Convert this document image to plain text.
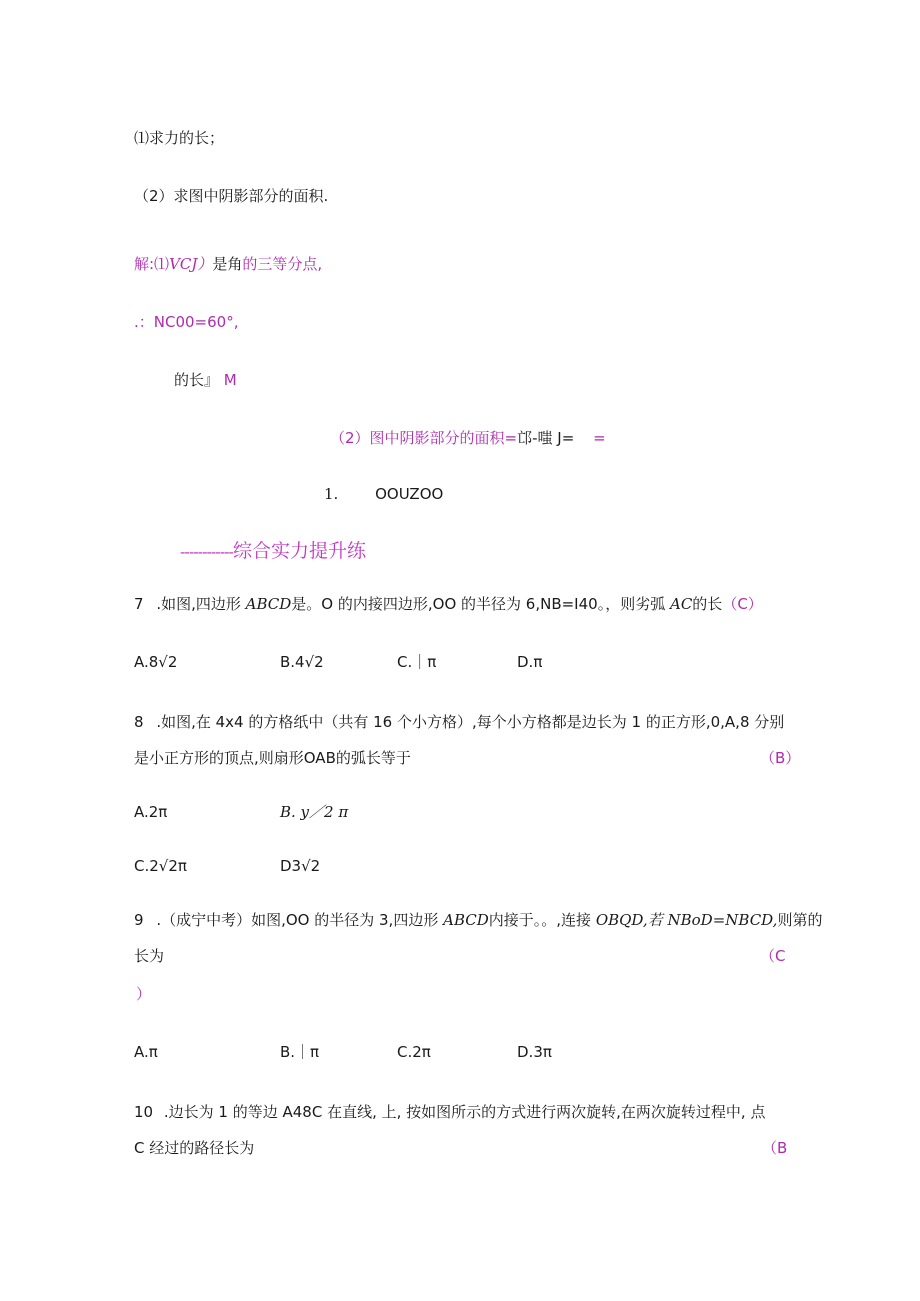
⑴求力的长；
（2）求图中阴影部分的面积.
解:⑴VCJ）是角的三等分点,
.：NC00=60°,
的长』 M
（2）图中阴影部分的面积=邙-嗤 J= =
1. OOUZOO
------------综合实力提升练
7 .如图,四边形 ABCD是。O 的内接四边形,OO 的半径为 6,NB=I40。，则劣弧 AC的长（C）
A.8√2	B.4√2	C.｜π	D.π
8 .如图,在 4x4 的方格纸中（共有 16 个小方格）,每个小方格都是边长为 1 的正方形,0,A,8 分别
是小正方形的顶点,则扇形OAB的弧长等于	（B）
A.2π	B. y／2 π
C.2√2π	D3√2
9 .（成宁中考）如图,OO 的半径为 3,四边形 ABCD内接于。。,连接 OBQD,若 NBoD=NBCD,则第的
长为	（C
）
A.π	B.｜π	C.2π	D.3π
10 .边长为 1 的等边 A48C 在直线, 上, 按如图所示的方式进行两次旋转,在两次旋转过程中, 点
C 经过的路径长为	（B
